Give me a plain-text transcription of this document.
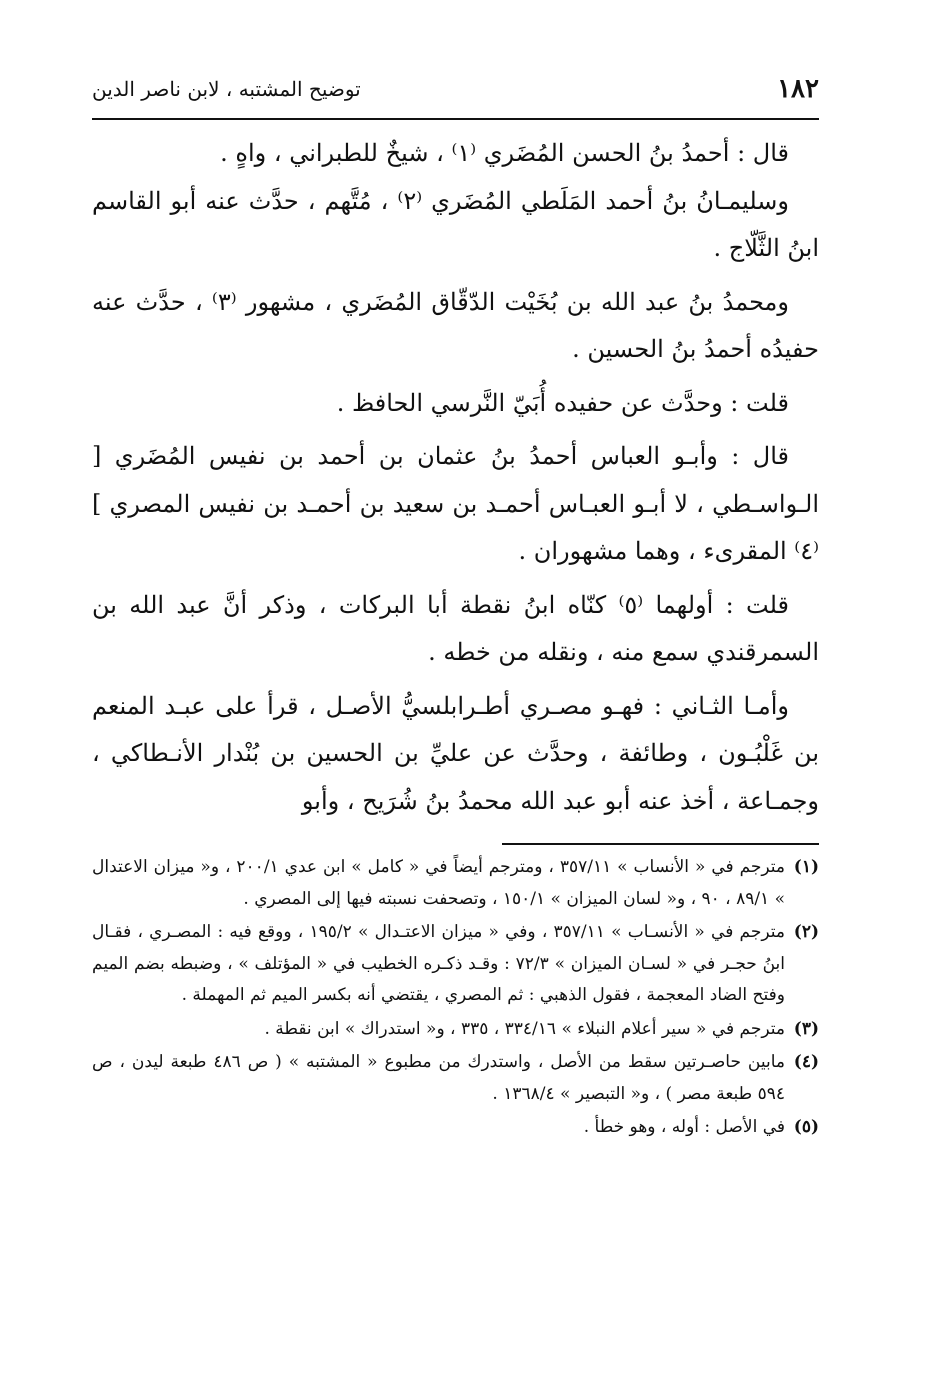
١٨٢
توضيح المشتبه ، لابن ناصر الدين

قال : أحمدُ بنُ الحسن المُضَري ⁽١⁾ ، شيخٌ للطبراني ، واهٍ .

وسليمـانُ بنُ أحمد المَلَطي المُضَري ⁽٢⁾ ، مُتَّهم ، حدَّث عنه أبو القاسم ابنُ الثَّلّاج .

ومحمدُ بنُ عبد الله بن بُخَيْت الدّقّاق المُضَري ، مشهور ⁽٣⁾ ، حدَّث عنه حفيدُه أحمدُ بنُ الحسين .

قلت : وحدَّث عن حفيده أُبَيّ النَّرسي الحافظ .

قال : وأبـو العباس أحمدُ بنُ عثمان بن أحمد بن نفيس المُضَري [ الـواسـطي ، لا أبـو العبـاس أحمـد بن سعيد بن أحمـد بن نفيس المصري ] ⁽٤⁾ المقرىء ، وهما مشهوران .

قلت : أولهما ⁽٥⁾ كنّاه ابنُ نقطة أبا البركات ، وذكر أنَّ عبد الله بن السمرقندي سمع منه ، ونقله من خطه .

وأمـا الثـاني : فهـو مصـري أطـرابلسيُّ الأصـل ، قرأ على عبـد المنعم بن غَلْبُـون ، وطائفة ، وحدَّث عن عليِّ بن الحسين بن بُنْدار الأنـطاكي ، وجمـاعة ، أخذ عنه أبو عبد الله محمدُ بنُ شُرَيح ، وأبو

(١)
مترجم في « الأنساب » ٣٥٧/١١ ، ومترجم أيضاً في « كامل » ابن عدي ٢٠٠/١ ، و« ميزان الاعتدال » ٨٩/١ ، ٩٠ ، و« لسان الميزان » ١٥٠/١ ، وتصحفت نسبته فيها إلى المصري .
(٢)
مترجم في « الأنسـاب » ٣٥٧/١١ ، وفي « ميزان الاعتـدال » ١٩٥/٢ ، ووقع فيه : المصـري ، فقـال ابنُ حجـر في « لسـان الميزان » ٧٢/٣ : وقـد ذكـره الخطيب في « المؤتلف » ، وضبطه بضم الميم وفتح الضاد المعجمة ، فقول الذهبي : ثم المصري ، يقتضي أنه بكسر الميم ثم المهملة .
(٣)
مترجم في « سير أعلام النبلاء » ٣٣٤/١٦ ، ٣٣٥ ، و« استدراك » ابن نقطة .
(٤)
مابين حاصـرتين سقط من الأصل ، واستدرك من مطبوع « المشتبه » ( ص ٤٨٦ طبعة ليدن ، ص ٥٩٤ طبعة مصر ) ، و« التبصير » ١٣٦٨/٤ .
(٥)
في الأصل : أوله ، وهو خطأ .
